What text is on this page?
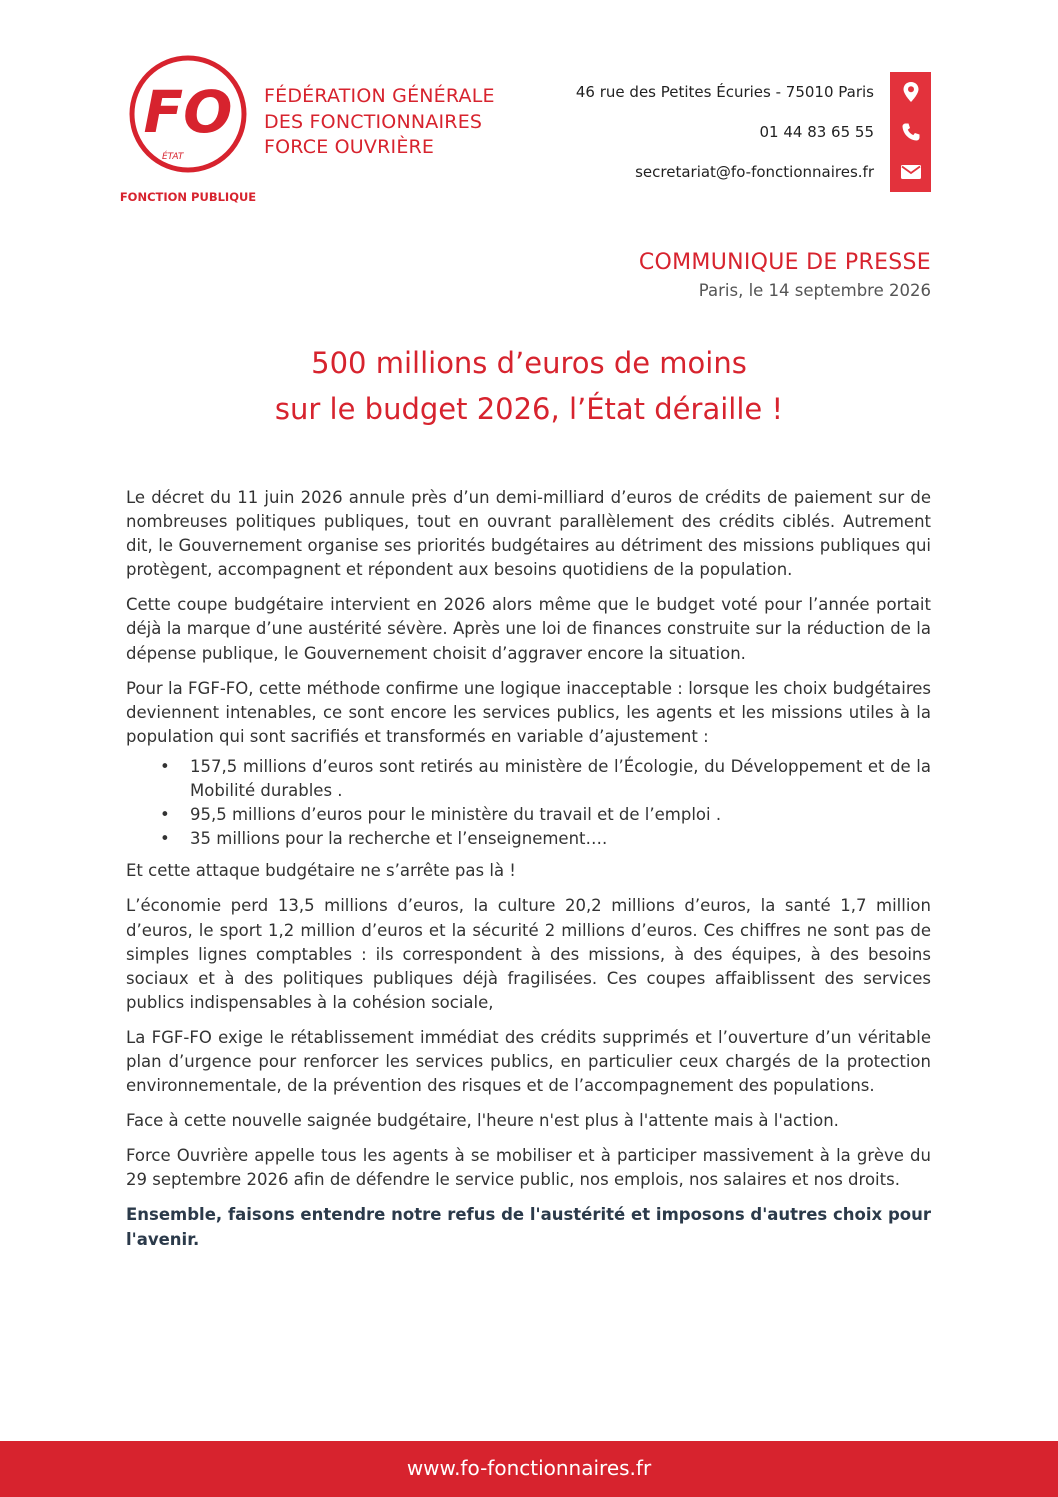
FO
ÉTAT
FONCTION PUBLIQUE
FÉDÉRATION GÉNÉRALE
DES FONCTIONNAIRES
FORCE OUVRIÈRE
46 rue des Petites Écuries - 75010 Paris
01 44 83 65 55
secretariat@fo-fonctionnaires.fr
COMMUNIQUE DE PRESSE
Paris, le 14 septembre 2026
500 millions d’euros de moins
sur le budget 2026, l’État déraille !

Le décret du 11 juin 2026 annule près d’un demi-milliard d’euros de crédits de paiement sur de nombreuses politiques publiques, tout en ouvrant parallèlement des crédits ciblés. Autrement dit, le Gouvernement organise ses priorités budgétaires au détriment des missions publiques qui protègent, accompagnent et répondent aux besoins quotidiens de la population.

Cette coupe budgétaire intervient en 2026 alors même que le budget voté pour l’année portait déjà la marque d’une austérité sévère. Après une loi de finances construite sur la réduction de la dépense publique, le Gouvernement choisit d’aggraver encore la situation.

Pour la FGF-FO, cette méthode confirme une logique inacceptable : lorsque les choix budgétaires deviennent intenables, ce sont encore les services publics, les agents et les missions utiles à la population qui sont sacrifiés et transformés en variable d’ajustement :

• 157,5 millions d’euros sont retirés au ministère de l’Écologie, du Développement et de la Mobilité durables .
• 95,5 millions d’euros pour le ministère du travail et de l’emploi .
• 35 millions pour la recherche et l’enseignement….

Et cette attaque budgétaire ne s’arrête pas là !

L’économie perd 13,5 millions d’euros, la culture 20,2 millions d’euros, la santé 1,7 million d’euros, le sport 1,2 million d’euros et la sécurité 2 millions d’euros. Ces chiffres ne sont pas de simples lignes comptables : ils correspondent à des missions, à des équipes, à des besoins sociaux et à des politiques publiques déjà fragilisées. Ces coupes affaiblissent des services publics indispensables à la cohésion sociale,

La FGF-FO exige le rétablissement immédiat des crédits supprimés et l’ouverture d’un véritable plan d’urgence pour renforcer les services publics, en particulier ceux chargés de la protection environnementale, de la prévention des risques et de l’accompagnement des populations.

Face à cette nouvelle saignée budgétaire, l'heure n'est plus à l'attente mais à l'action.

Force Ouvrière appelle tous les agents à se mobiliser et à participer massivement à la grève du 29 septembre 2026 afin de défendre le service public, nos emplois, nos salaires et nos droits.

Ensemble, faisons entendre notre refus de l'austérité et imposons d'autres choix pour l'avenir.

www.fo-fonctionnaires.fr
